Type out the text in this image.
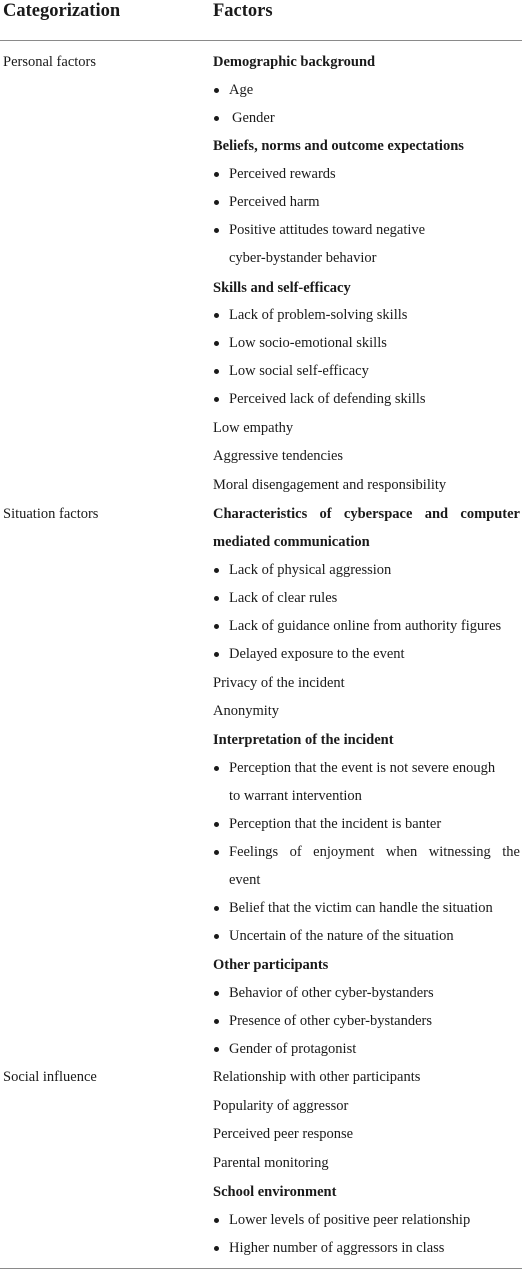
Categorization	Factors
Personal factors
Situation factors
Social influence
Demographic background
Age
Gender
Beliefs, norms and outcome expectations
Perceived rewards
Perceived harm
Positive attitudes toward negative
cyber-bystander behavior
Skills and self-efficacy
Lack of problem-solving skills
Low socio-emotional skills
Low social self-efficacy
Perceived lack of defending skills
Low empathy
Aggressive tendencies
Moral disengagement and responsibility
Characteristics of cyberspace and computer
mediated communication
Lack of physical aggression
Lack of clear rules
Lack of guidance online from authority figures
Delayed exposure to the event
Privacy of the incident
Anonymity
Interpretation of the incident
Perception that the event is not severe enough
to warrant intervention
Perception that the incident is banter
Feelings of enjoyment when witnessing the
event
Belief that the victim can handle the situation
Uncertain of the nature of the situation
Other participants
Behavior of other cyber-bystanders
Presence of other cyber-bystanders
Gender of protagonist
Relationship with other participants
Popularity of aggressor
Perceived peer response
Parental monitoring
School environment
Lower levels of positive peer relationship
Higher number of aggressors in class
